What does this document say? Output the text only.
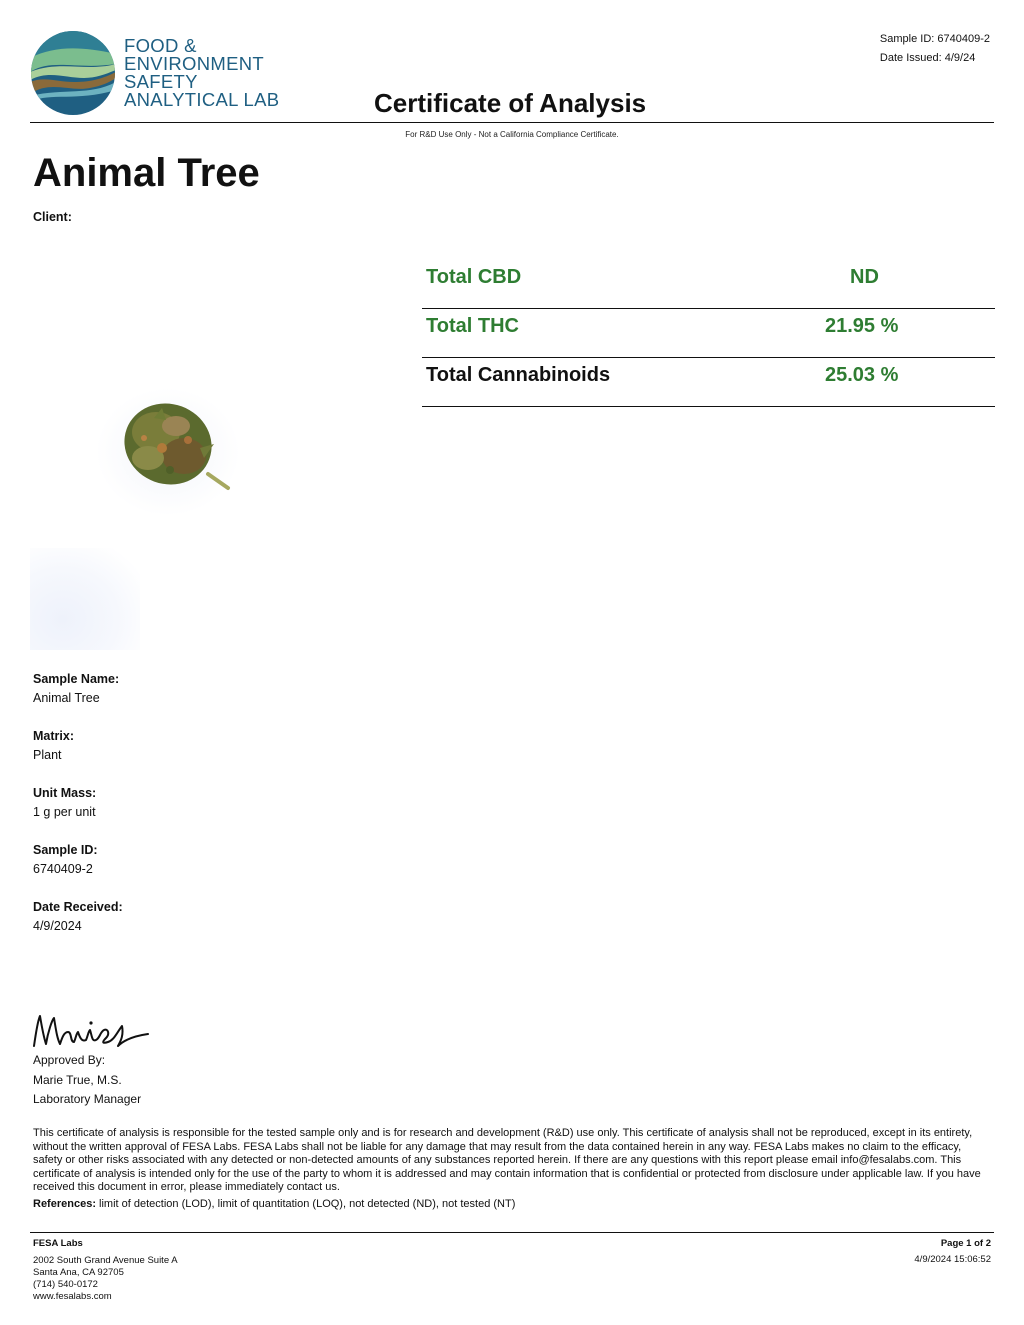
FOOD &
ENVIRONMENT
SAFETY
ANALYTICAL LAB
Sample ID: 6740409-2
Date Issued: 4/9/24
Certificate of Analysis
For R&D Use Only - Not a California Compliance Certificate.
Animal Tree
Client:
Total CBD	ND
Total THC	21.95 %
Total Cannabinoids	25.03 %
Sample Name:
Animal Tree
Matrix:
Plant
Unit Mass:
1 g per unit
Sample ID:
6740409-2
Date Received:
4/9/2024
Approved By:
Marie True, M.S.
Laboratory Manager
This certificate of analysis is responsible for the tested sample only and is for research and development (R&D) use only. This certificate of analysis shall not be reproduced, except in its entirety, without the written approval of FESA Labs. FESA Labs shall not be liable for any damage that may result from the data contained herein in any way. FESA Labs makes no claim to the efficacy, safety or other risks associated with any detected or non-detected amounts of any substances reported herein. If there are any questions with this report please email info@fesalabs.com. This certificate of analysis is intended only for the use of the party to whom it is addressed and may contain information that is confidential or protected from disclosure under applicable law. If you have received this document in error, please immediately contact us.
References: limit of detection (LOD), limit of quantitation (LOQ), not detected (ND), not tested (NT)
FESA Labs
2002 South Grand Avenue Suite A
Santa Ana, CA 92705
(714) 540-0172
www.fesalabs.com
Page 1 of 2
4/9/2024 15:06:52
